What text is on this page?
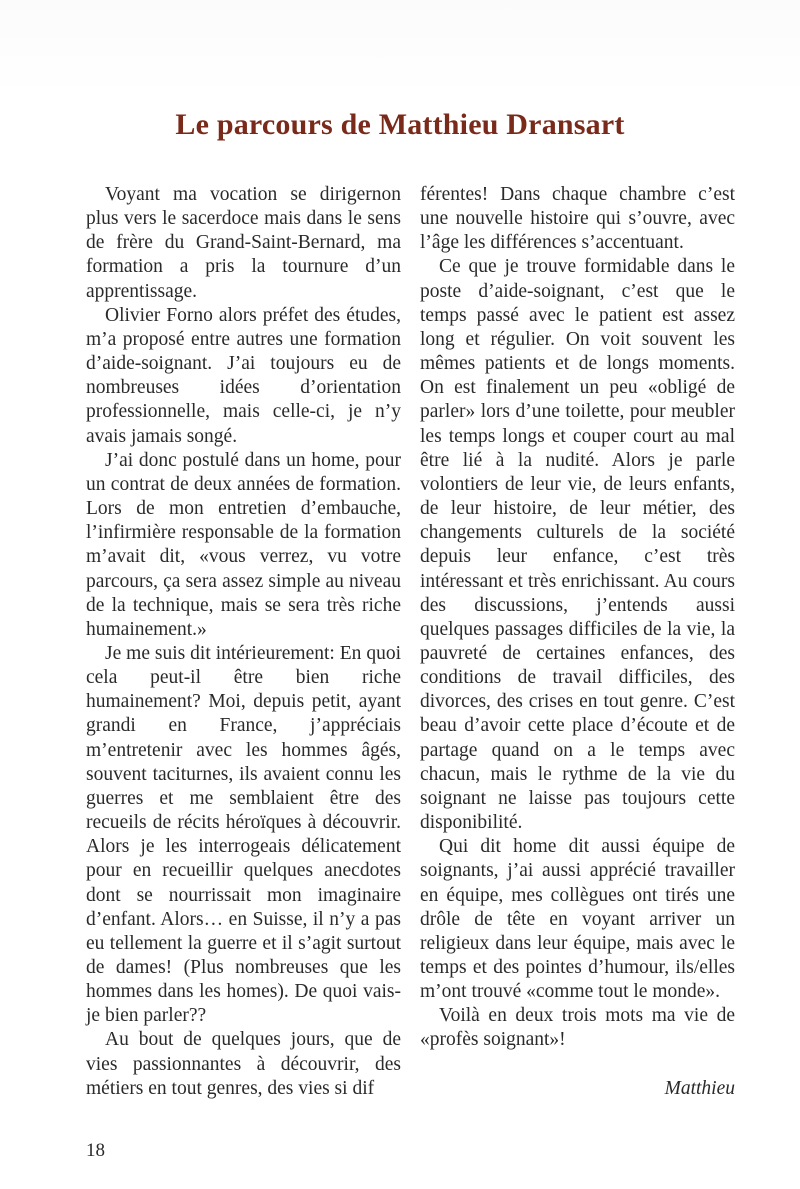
Le parcours de Matthieu Dransart

Voyant ma vocation se dirigernon plus vers le sacerdoce mais dans le sens de frère du Grand-Saint-Bernard, ma formation a pris la tournure d’un apprentissage.

Olivier Forno alors préfet des études, m’a proposé entre autres une formation d’aide-soignant. J’ai toujours eu de nombreuses idées d’orientation professionnelle, mais celle-ci, je n’y avais jamais songé.

J’ai donc postulé dans un home, pour un contrat de deux années de formation. Lors de mon entretien d’embauche, l’infirmière responsable de la formation m’avait dit, «vous verrez, vu votre parcours, ça sera assez simple au niveau de la technique, mais se sera très riche humainement.»

Je me suis dit intérieurement: En quoi cela peut-il être bien riche humainement? Moi, depuis petit, ayant grandi en France, j’appréciais m’entretenir avec les hommes âgés, souvent taciturnes, ils avaient connu les guerres et me semblaient être des recueils de récits héroïques à découvrir. Alors je les interrogeais délicatement pour en recueillir quelques anecdotes dont se nourrissait mon imaginaire d’enfant. Alors… en Suisse, il n’y a pas eu tellement la guerre et il s’agit surtout de dames! (Plus nombreuses que les hommes dans les homes). De quoi vais-je bien parler??

Au bout de quelques jours, que de vies passionnantes à découvrir, des métiers en tout genres, des vies si dif

férentes! Dans chaque chambre c’est une nouvelle histoire qui s’ouvre, avec l’âge les différences s’accentuant.

Ce que je trouve formidable dans le poste d’aide-soignant, c’est que le temps passé avec le patient est assez long et régulier. On voit souvent les mêmes patients et de longs moments. On est finalement un peu «obligé de parler» lors d’une toilette, pour meubler les temps longs et couper court au mal être lié à la nudité. Alors je parle volontiers de leur vie, de leurs enfants, de leur histoire, de leur métier, des changements culturels de la société depuis leur enfance, c’est très intéressant et très enrichissant. Au cours des discussions, j’entends aussi quelques passages difficiles de la vie, la pauvreté de certaines enfances, des conditions de travail difficiles, des divorces, des crises en tout genre. C’est beau d’avoir cette place d’écoute et de partage quand on a le temps avec chacun, mais le rythme de la vie du soignant ne laisse pas toujours cette disponibilité.

Qui dit home dit aussi équipe de soignants, j’ai aussi apprécié travailler en équipe, mes collègues ont tirés une drôle de tête en voyant arriver un religieux dans leur équipe, mais avec le temps et des pointes d’humour, ils/elles m’ont trouvé «comme tout le monde».

Voilà en deux trois mots ma vie de «profès soignant»!

Matthieu
18
